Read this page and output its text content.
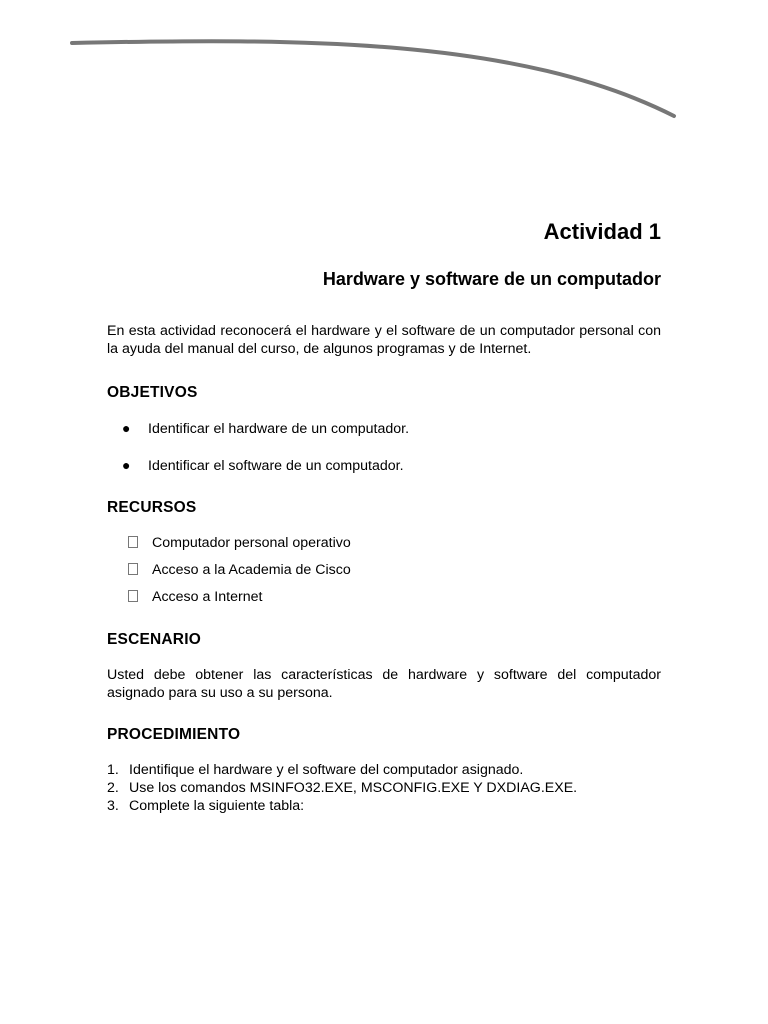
Actividad 1
Hardware y software de un computador
En esta actividad reconocerá el hardware y el software de un computador personal con la ayuda del manual del curso, de algunos programas y de Internet.
OBJETIVOS
● Identificar el hardware de un computador.
● Identificar el software de un computador.
RECURSOS
Computador personal operativo
Acceso a la Academia de Cisco
Acceso a Internet
ESCENARIO
Usted debe obtener las características de hardware y software del computador asignado para su uso a su persona.
PROCEDIMIENTO
1. Identifique el hardware y el software del computador asignado.
2. Use los comandos MSINFO32.EXE, MSCONFIG.EXE Y DXDIAG.EXE.
3. Complete la siguiente tabla:
